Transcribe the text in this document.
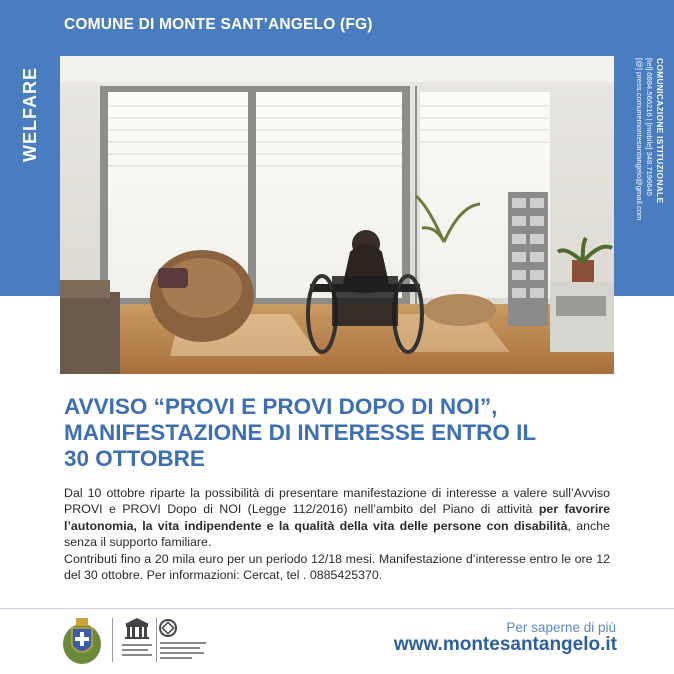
COMUNE DI MONTE SANT’ANGELO (FG)
WELFARE	COMUNICAZIONE ISTITUZIONALE
[tel] 0884.566216 | [mobile] 348.7196645
[@] press.comunemontesantangelo@gmail.com
AVVISO “PROVI E PROVI DOPO DI NOI”,
MANIFESTAZIONE DI INTERESSE ENTRO IL
30 OTTOBRE

Dal 10 ottobre riparte la possibilità di presentare manifestazione di interesse a valere sull’Avviso PROVI e PROVI Dopo di NOI (Legge 112/2016) nell’ambito del Piano di attività per favorire l’autonomia, la vita indipendente e la qualità della vita delle persone con disabilità, anche senza il supporto familiare.

Contributi fino a 20 mila euro per un periodo 12/18 mesi. Manifestazione d’interesse entro le ore 12 del 30 ottobre. Per informazioni: Cercat, tel . 0885425370.

Per saperne di più
www.montesantangelo.it
